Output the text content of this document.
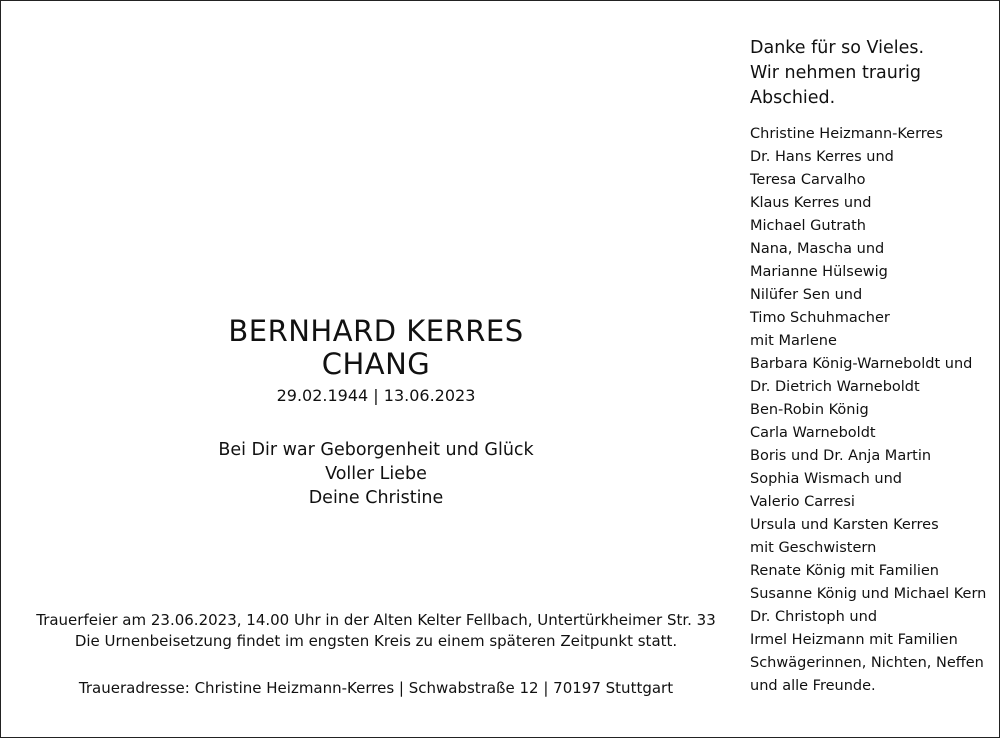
BERNHARD KERRES
CHANG
29.02.1944 | 13.06.2023
Bei Dir war Geborgenheit und Glück
Voller Liebe
Deine Christine
Trauerfeier am 23.06.2023, 14.00 Uhr in der Alten Kelter Fellbach, Untertürkheimer Str. 33
Die Urnenbeisetzung findet im engsten Kreis zu einem späteren Zeitpunkt statt.
Traueradresse: Christine Heizmann-Kerres | Schwabstraße 12 | 70197 Stuttgart
Danke für so Vieles.
Wir nehmen traurig
Abschied.
Christine Heizmann-Kerres
Dr. Hans Kerres und
Teresa Carvalho
Klaus Kerres und
Michael Gutrath
Nana, Mascha und
Marianne Hülsewig
Nilüfer Sen und
Timo Schuhmacher
mit Marlene
Barbara König-Warneboldt und
Dr. Dietrich Warneboldt
Ben-Robin König
Carla Warneboldt
Boris und Dr. Anja Martin
Sophia Wismach und
Valerio Carresi
Ursula und Karsten Kerres
mit Geschwistern
Renate König mit Familien
Susanne König und Michael Kern
Dr. Christoph und
Irmel Heizmann mit Familien
Schwägerinnen, Nichten, Neffen
und alle Freunde.
